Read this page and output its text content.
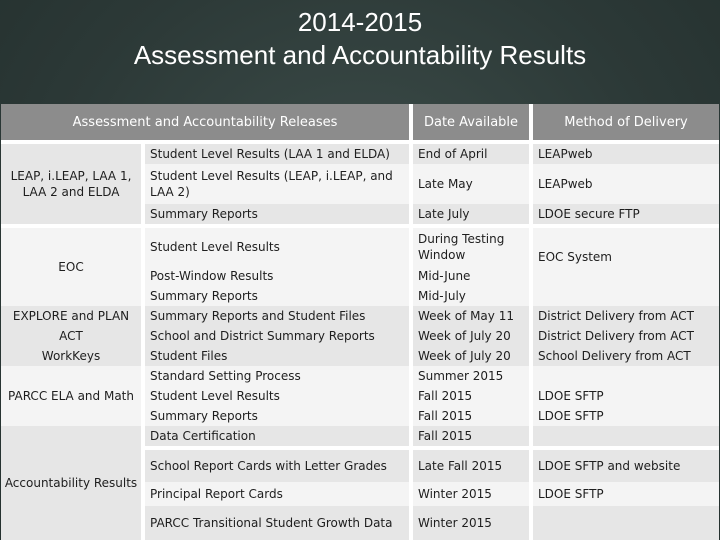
2014-2015
Assessment and Accountability Results
Assessment and Accountability Releases				Date Available		Method of Delivery

LEAP, i.LEAP, LAA 1, LAA 2 and ELDA		Student Level Results (LAA 1 and ELDA)		End of April		LEAPweb
		Student Level Results (LEAP, i.LEAP, and LAA 2)		Late May		LEAPweb
		Summary Reports		Late July		LDOE secure FTP

EOC		Student Level Results		During Testing Window		EOC System
		Post-Window Results		Mid-June		
		Summary Reports		Mid-July		
EXPLORE and PLAN		Summary Reports and Student Files		Week of May 11		District Delivery from ACT
ACT		School and District Summary Reports		Week of July 20		District Delivery from ACT
WorkKeys		Student Files		Week of July 20		School Delivery from ACT
PARCC ELA and Math		Standard Setting Process		Summer 2015		
		Student Level Results		Fall 2015		LDOE SFTP
		Summary Reports		Fall 2015		LDOE SFTP
Accountability Results		Data Certification		Fall 2015		

		School Report Cards with Letter Grades		Late Fall 2015		LDOE SFTP and website
		Principal Report Cards		Winter 2015		LDOE SFTP
		PARCC Transitional Student Growth Data		Winter 2015		
